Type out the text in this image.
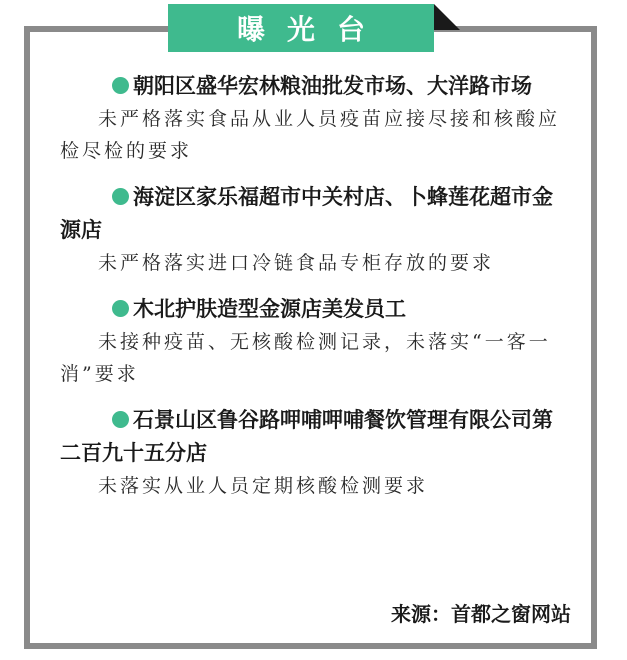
曝光台

朝阳区盛华宏林粮油批发市场、大洋路市场

未严格落实食品从业人员疫苗应接尽接和核酸应检尽检的要求

海淀区家乐福超市中关村店、卜蜂莲花超市金源店

未严格落实进口冷链食品专柜存放的要求

木北护肤造型金源店美发员工

未接种疫苗、无核酸检测记录，未落实“一客一消”要求

石景山区鲁谷路呷哺呷哺餐饮管理有限公司第二百九十五分店

未落实从业人员定期核酸检测要求

来源：首都之窗网站
